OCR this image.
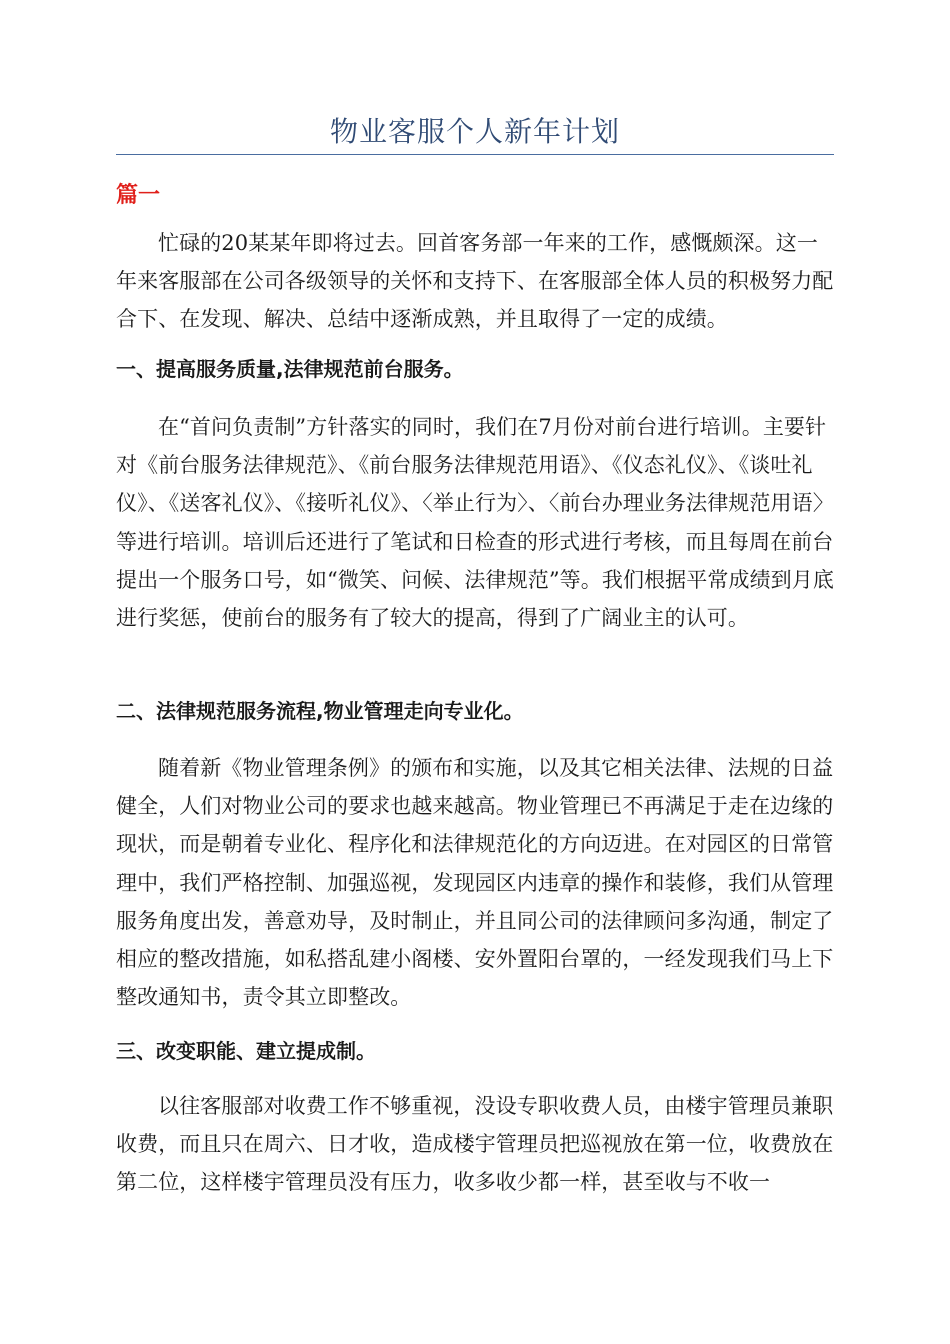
物业客服个人新年计划
篇一

忙碌的20某某年即将过去。回首客务部一年来的工作，感慨颇深。这一年来客服部在公司各级领导的关怀和支持下、在客服部全体人员的积极努力配合下、在发现、解决、总结中逐渐成熟，并且取得了一定的成绩。

一、提高服务质量,法律规范前台服务。

在“首问负责制”方针落实的同时，我们在7月份对前台进行培训。主要针对《前台服务法律规范》、《前台服务法律规范用语》、《仪态礼仪》、《谈吐礼仪》、《送客礼仪》、《接听礼仪》、〈举止行为〉、〈前台办理业务法律规范用语〉等进行培训。培训后还进行了笔试和日检查的形式进行考核，而且每周在前台提出一个服务口号，如“微笑、问候、法律规范”等。我们根据平常成绩到月底进行奖惩，使前台的服务有了较大的提高，得到了广阔业主的认可。

二、法律规范服务流程,物业管理走向专业化。

随着新《物业管理条例》的颁布和实施，以及其它相关法律、法规的日益健全，人们对物业公司的要求也越来越高。物业管理已不再满足于走在边缘的现状，而是朝着专业化、程序化和法律规范化的方向迈进。在对园区的日常管理中，我们严格控制、加强巡视，发现园区内违章的操作和装修，我们从管理服务角度出发，善意劝导，及时制止，并且同公司的法律顾问多沟通，制定了相应的整改措施，如私搭乱建小阁楼、安外置阳台罩的，一经发现我们马上下整改通知书，责令其立即整改。

三、改变职能、建立提成制。

以往客服部对收费工作不够重视，没设专职收费人员，由楼宇管理员兼职收费，而且只在周六、日才收，造成楼宇管理员把巡视放在第一位，收费放在第二位，这样楼宇管理员没有压力，收多收少都一样，甚至收与不收一
